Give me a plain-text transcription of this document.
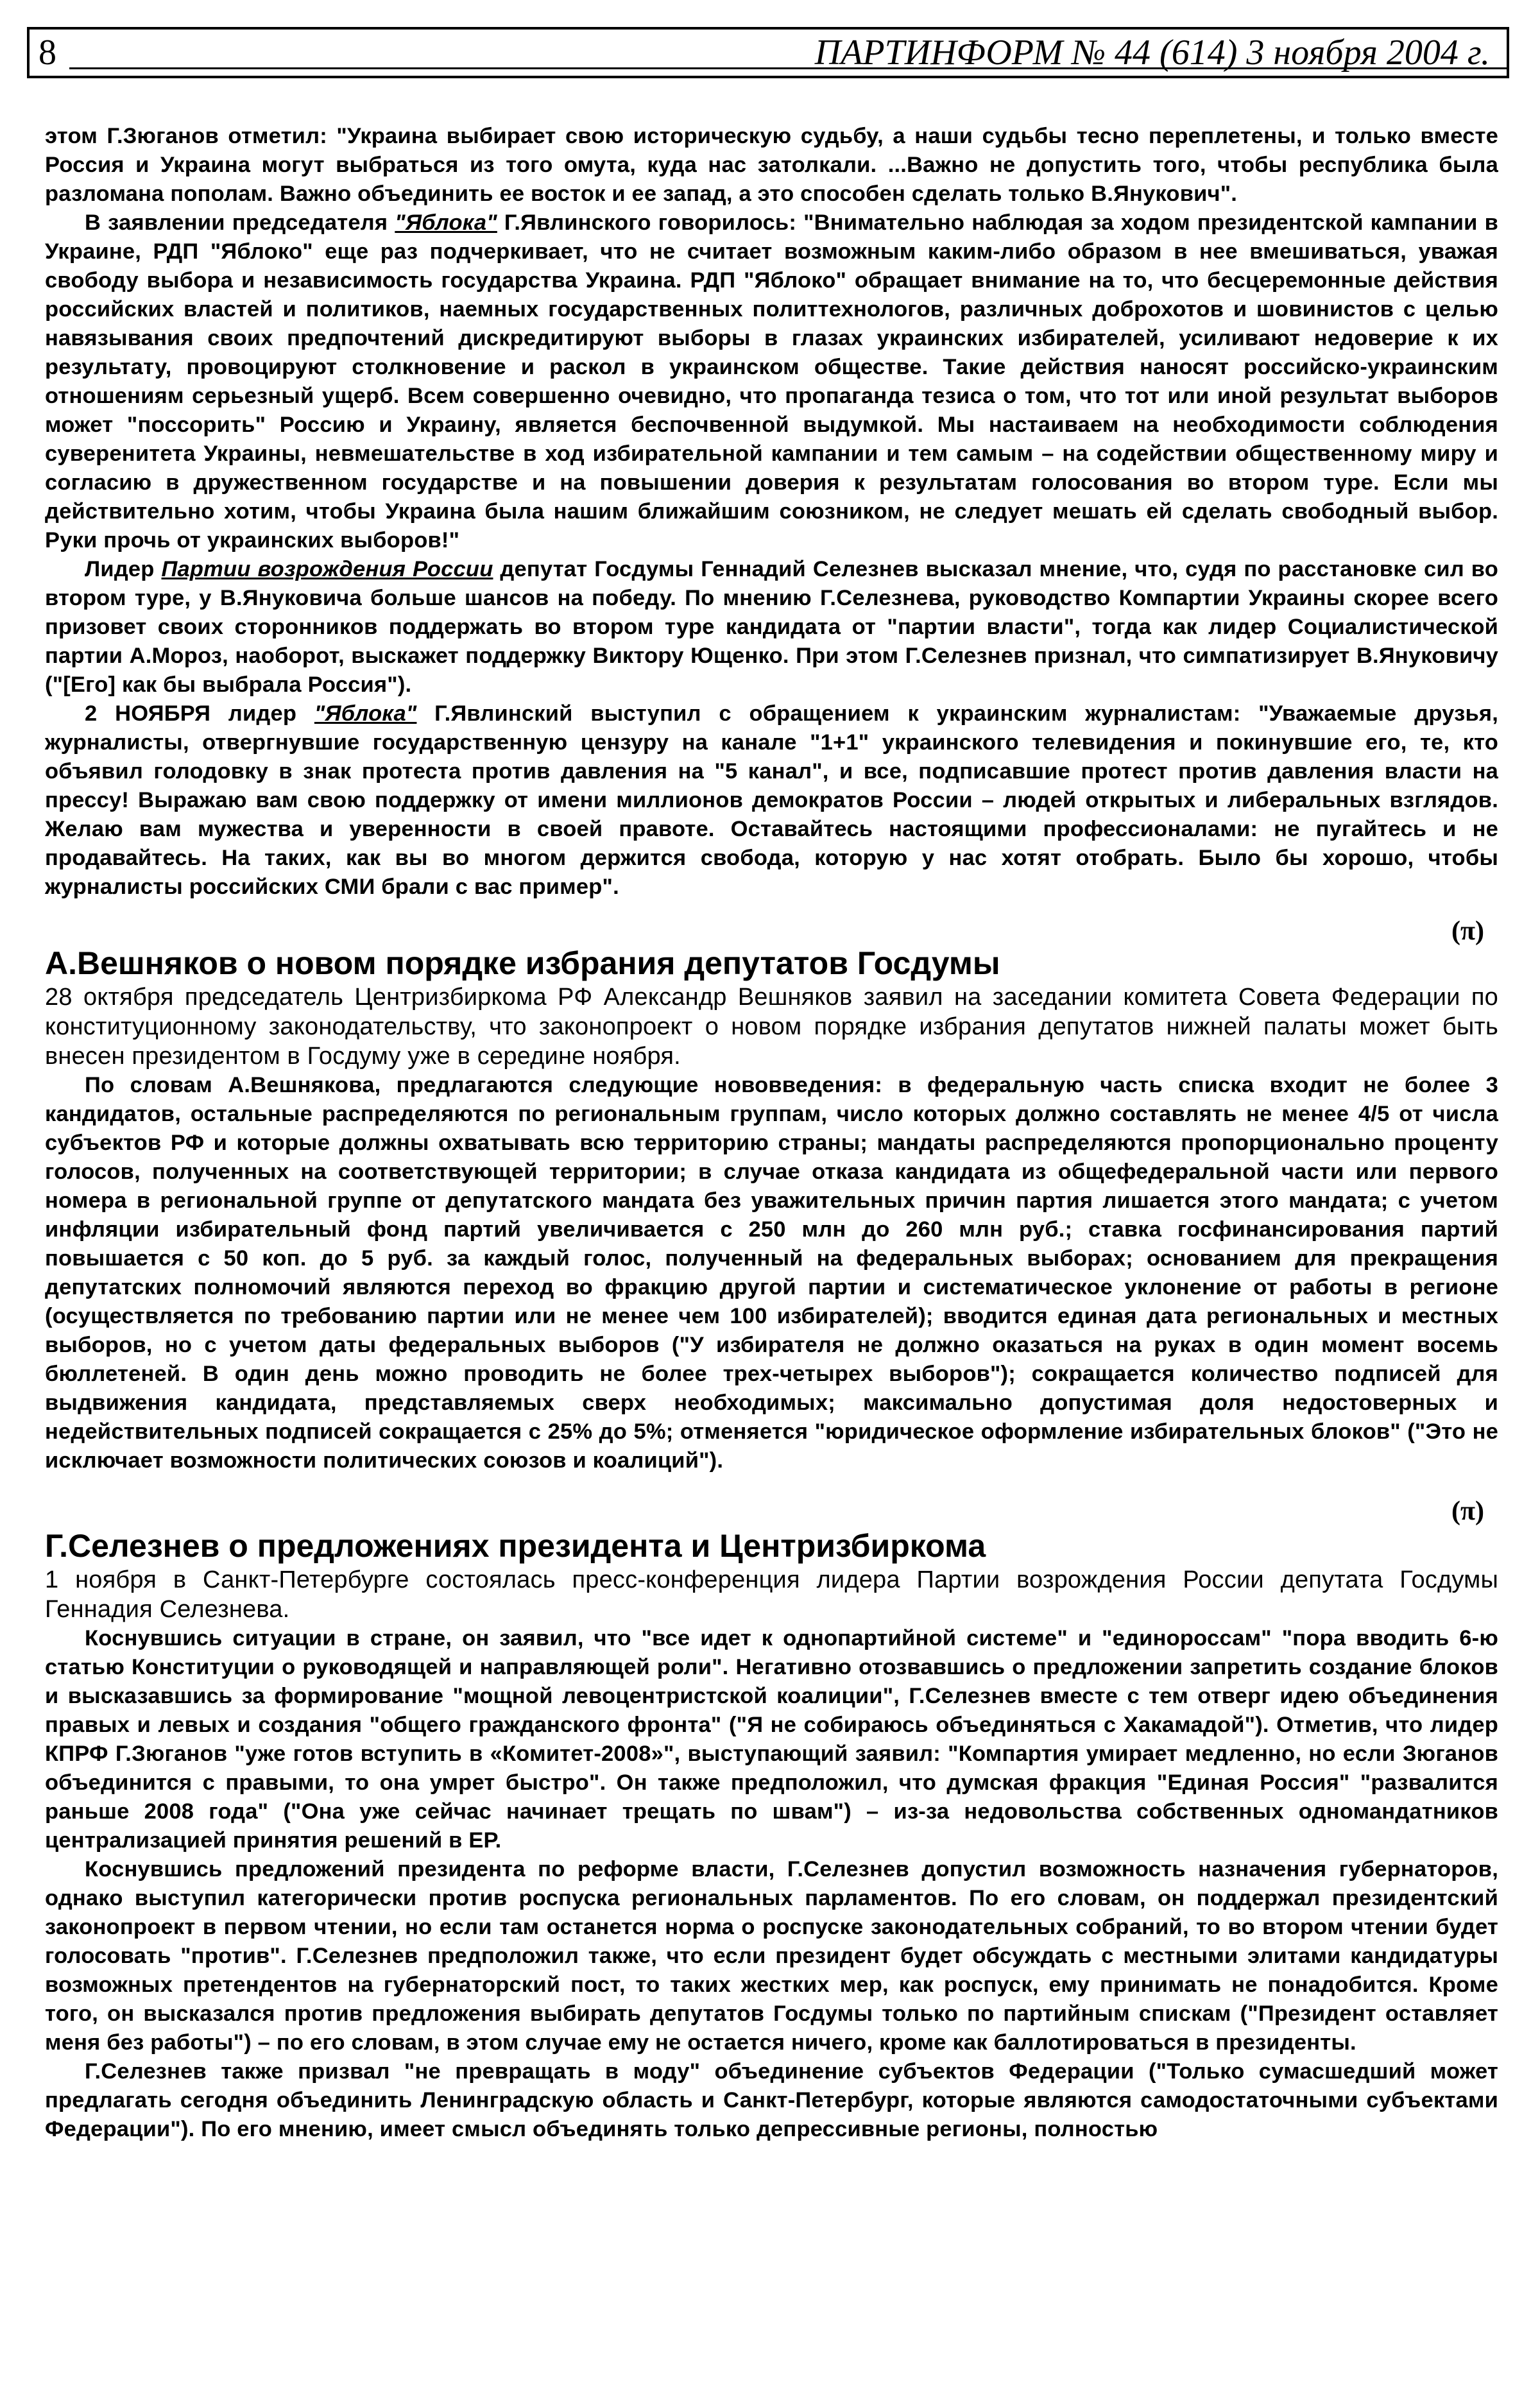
8	ПАРТИНФОРМ № 44 (614) 3 ноября 2004 г.

этом Г.Зюганов отметил: "Украина выбирает свою историческую судьбу, а наши судьбы тесно переплетены, и только вместе Россия и Украина могут выбраться из того омута, куда нас затолкали. ...Важно не допустить того, чтобы республика была разломана пополам. Важно объединить ее восток и ее запад, а это способен сделать только В.Янукович".

В заявлении председателя "Яблока" Г.Явлинского говорилось: "Внимательно наблюдая за ходом президентской кампании в Украине, РДП "Яблоко" еще раз подчеркивает, что не считает возможным каким-либо образом в нее вмешиваться, уважая свободу выбора и независимость государства Украина. РДП "Яблоко" обращает внимание на то, что бесцеремонные действия российских властей и политиков, наемных государственных политтехнологов, различных доброхотов и шовинистов с целью навязывания своих предпочтений дискредитируют выборы в глазах украинских избирателей, усиливают недоверие к их результату, провоцируют столкновение и раскол в украинском обществе. Такие действия наносят российско-украинским отношениям серьезный ущерб. Всем совершенно очевидно, что пропаганда тезиса о том, что тот или иной результат выборов может "поссорить" Россию и Украину, является беспочвенной выдумкой. Мы настаиваем на необходимости соблюдения суверенитета Украины, невмешательстве в ход избирательной кампании и тем самым – на содействии общественному миру и согласию в дружественном государстве и на повышении доверия к результатам голосования во втором туре. Если мы действительно хотим, чтобы Украина была нашим ближайшим союзником, не следует мешать ей сделать свободный выбор. Руки прочь от украинских выборов!"

Лидер Партии возрождения России депутат Госдумы Геннадий Селезнев высказал мнение, что, судя по расстановке сил во втором туре, у В.Януковича больше шансов на победу. По мнению Г.Селезнева, руководство Компартии Украины скорее всего призовет своих сторонников поддержать во втором туре кандидата от "партии власти", тогда как лидер Социалистической партии А.Мороз, наоборот, выскажет поддержку Виктору Ющенко. При этом Г.Селезнев признал, что симпатизирует В.Януковичу ("[Его] как бы выбрала Россия").

2 НОЯБРЯ лидер "Яблока" Г.Явлинский выступил с обращением к украинским журналистам: "Уважаемые друзья, журналисты, отвергнувшие государственную цензуру на канале "1+1" украинского телевидения и покинувшие его, те, кто объявил голодовку в знак протеста против давления на "5 канал", и все, подписавшие протест против давления власти на прессу! Выражаю вам свою поддержку от имени миллионов демократов России – людей открытых и либеральных взглядов. Желаю вам мужества и уверенности в своей правоте. Оставайтесь настоящими профессионалами: не пугайтесь и не продавайтесь. На таких, как вы во многом держится свобода, которую у нас хотят отобрать. Было бы хорошо, чтобы журналисты российских СМИ брали с вас пример".

(π)
А.Вешняков о новом порядке избрания депутатов Госдумы

28 октября председатель Центризбиркома РФ Александр Вешняков заявил на заседании комитета Совета Федерации по конституционному законодательству, что законопроект о новом порядке избрания депутатов нижней палаты может быть внесен президентом в Госдуму уже в середине ноября.

По словам А.Вешнякова, предлагаются следующие нововведения: в федеральную часть списка входит не более 3 кандидатов, остальные распределяются по региональным группам, число которых должно составлять не менее 4/5 от числа субъектов РФ и которые должны охватывать всю территорию страны; мандаты распределяются пропорционально проценту голосов, полученных на соответствующей территории; в случае отказа кандидата из общефедеральной части или первого номера в региональной группе от депутатского мандата без уважительных причин партия лишается этого мандата; с учетом инфляции избирательный фонд партий увеличивается с 250 млн до 260 млн руб.; ставка госфинансирования партий повышается с 50 коп. до 5 руб. за каждый голос, полученный на федеральных выборах; основанием для прекращения депутатских полномочий являются переход во фракцию другой партии и систематическое уклонение от работы в регионе (осуществляется по требованию партии или не менее чем 100 избирателей); вводится единая дата региональных и местных выборов, но с учетом даты федеральных выборов ("У избирателя не должно оказаться на руках в один момент восемь бюллетеней. В один день можно проводить не более трех-четырех выборов"); сокращается количество подписей для выдвижения кандидата, представляемых сверх необходимых; максимально допустимая доля недостоверных и недействительных подписей сокращается с 25% до 5%; отменяется "юридическое оформление избирательных блоков" ("Это не исключает возможности политических союзов и коалиций").

(π)
Г.Селезнев о предложениях президента и Центризбиркома

1 ноября в Санкт-Петербурге состоялась пресс-конференция лидера Партии возрождения России депутата Госдумы Геннадия Селезнева.

Коснувшись ситуации в стране, он заявил, что "все идет к однопартийной системе" и "единороссам" "пора вводить 6-ю статью Конституции о руководящей и направляющей роли". Негативно отозвавшись о предложении запретить создание блоков и высказавшись за формирование "мощной левоцентристской коалиции", Г.Селезнев вместе с тем отверг идею объединения правых и левых и создания "общего гражданского фронта" ("Я не собираюсь объединяться с Хакамадой"). Отметив, что лидер КПРФ Г.Зюганов "уже готов вступить в «Комитет-2008»", выступающий заявил: "Компартия умирает медленно, но если Зюганов объединится с правыми, то она умрет быстро". Он также предположил, что думская фракция "Единая Россия" "развалится раньше 2008 года" ("Она уже сейчас начинает трещать по швам") – из-за недовольства собственных одномандатников централизацией принятия решений в ЕР.

Коснувшись предложений президента по реформе власти, Г.Селезнев допустил возможность назначения губернаторов, однако выступил категорически против роспуска региональных парламентов. По его словам, он поддержал президентский законопроект в первом чтении, но если там останется норма о роспуске законодательных собраний, то во втором чтении будет голосовать "против". Г.Селезнев предположил также, что если президент будет обсуждать с местными элитами кандидатуры возможных претендентов на губернаторский пост, то таких жестких мер, как роспуск, ему принимать не понадобится. Кроме того, он высказался против предложения выбирать депутатов Госдумы только по партийным спискам ("Президент оставляет меня без работы") – по его словам, в этом случае ему не остается ничего, кроме как баллотироваться в президенты.

Г.Селезнев также призвал "не превращать в моду" объединение субъектов Федерации ("Только сумасшедший может предлагать сегодня объединить Ленинградскую область и Санкт-Петербург, которые являются самодостаточными субъектами Федерации"). По его мнению, имеет смысл объединять только депрессивные регионы, полностью
